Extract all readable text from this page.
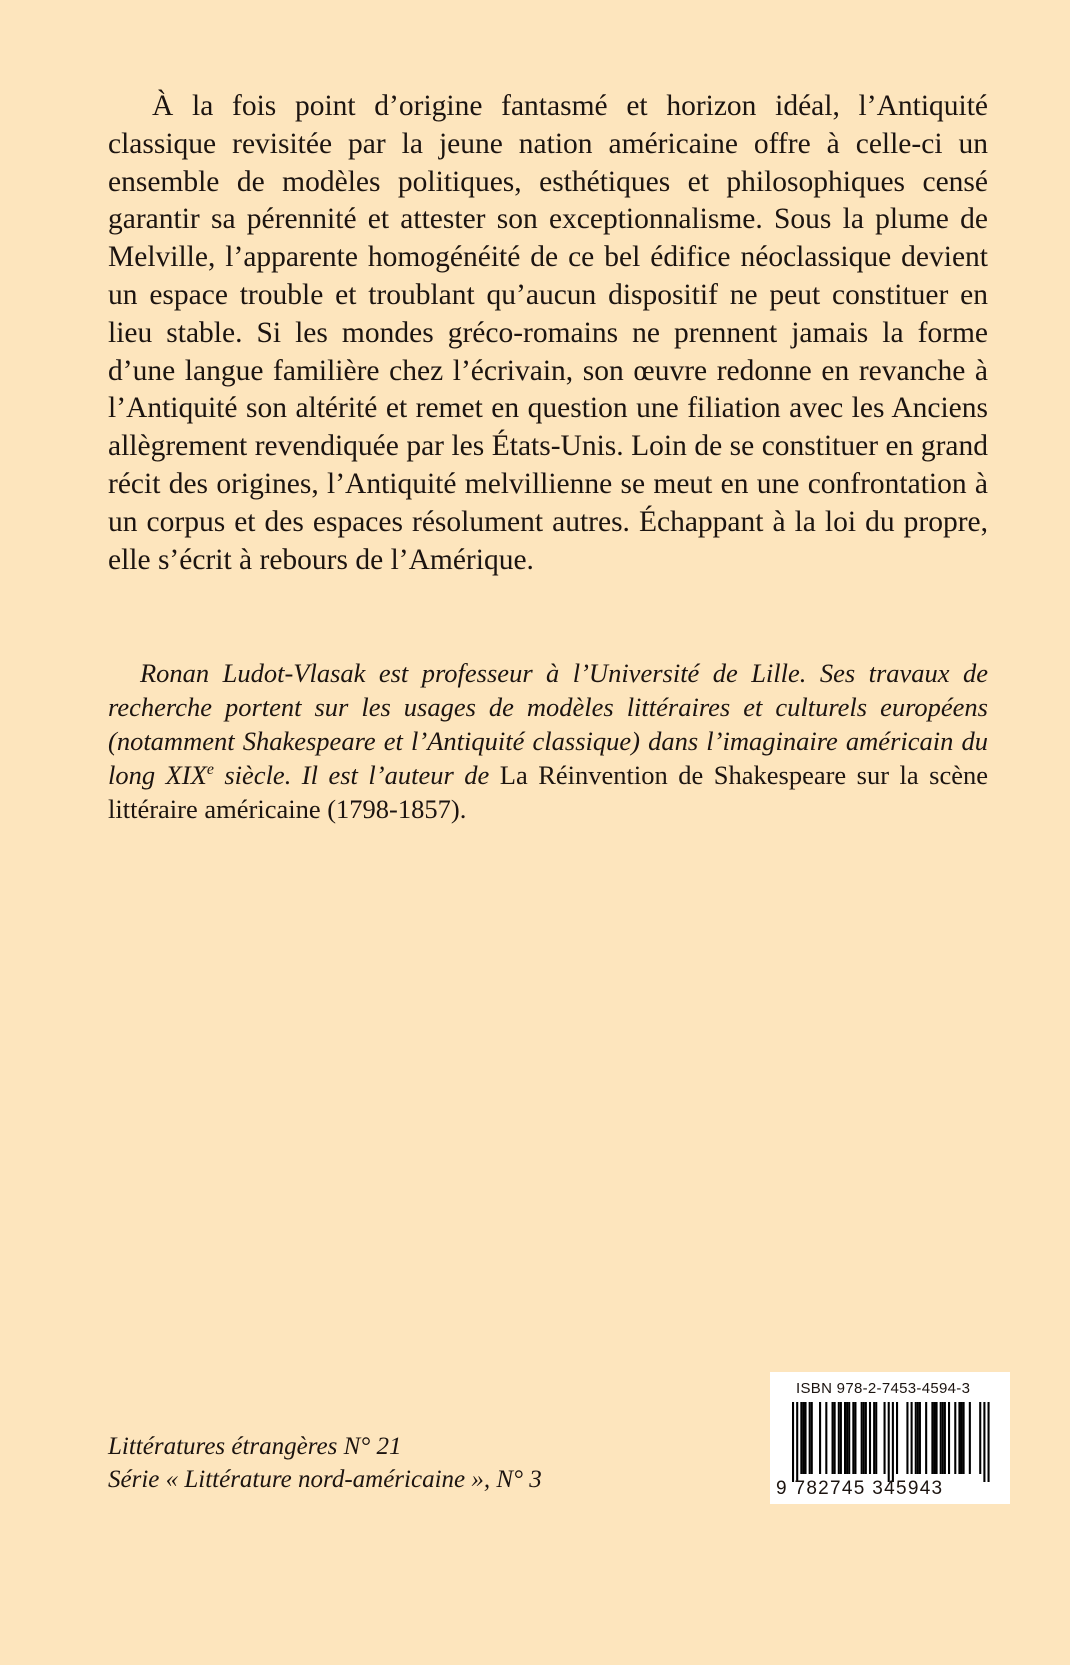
À la fois point d’origine fantasmé et horizon idéal, l’Antiquité classique revisitée par la jeune nation américaine offre à celle-ci un ensemble de modèles politiques, esthétiques et philosophiques censé garantir sa pérennité et attester son exceptionnalisme. Sous la plume de Melville, l’apparente homogénéité de ce bel édifice néoclassique devient un espace trouble et troublant qu’aucun dispositif ne peut constituer en lieu stable. Si les mondes gréco-romains ne prennent jamais la forme d’une langue familière chez l’écrivain, son œuvre redonne en revanche à l’Antiquité son altérité et remet en question une filiation avec les Anciens allègrement revendiquée par les États-Unis. Loin de se constituer en grand récit des origines, l’Antiquité melvillienne se meut en une confrontation à un corpus et des espaces résolument autres. Échappant à la loi du propre, elle s’écrit à rebours de l’Amérique.

Ronan Ludot-Vlasak est professeur à l’Université de Lille. Ses travaux de recherche portent sur les usages de modèles littéraires et culturels européens (notamment Shakespeare et l’Antiquité classique) dans l’imaginaire américain du long XIXe siècle. Il est l’auteur de La Réinvention de Shakespeare sur la scène littéraire américaine (1798-1857).

Littératures étrangères N° 21
Série « Littérature nord-américaine », N° 3
ISBN 978-2-7453-4594-3
9 782745 345943
